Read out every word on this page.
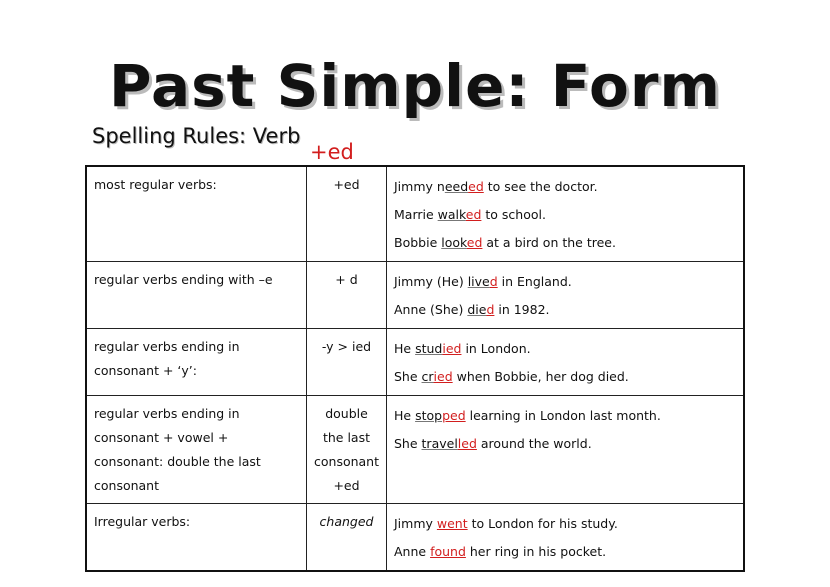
Past Simple: Form
Spelling Rules: Verb
+ed
most regular verbs:	+ed	Jimmy needed to see the doctor.
Marrie walked to school.
Bobbie looked at a bird on the tree.

regular verbs ending with –e	+ d	Jimmy (He) lived in England.
Anne (She) died in 1982.

regular verbs ending in consonant + ‘y’:	-y > ied	He studied in London.
She cried when Bobbie, her dog died.

regular verbs ending in consonant + vowel + consonant: double the last consonant	double the last consonant +ed	He stopped learning in London last month.
She travelled around the world.

Irregular verbs:	changed	Jimmy went to London for his study.
Anne found her ring in his pocket.
